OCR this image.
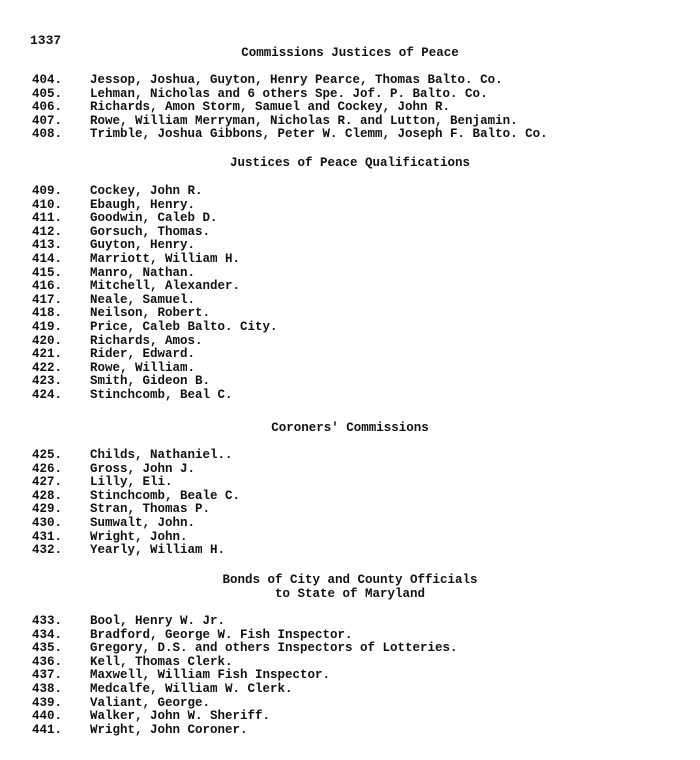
1337
Commissions Justices of Peace
404.	Jessop, Joshua, Guyton, Henry Pearce, Thomas Balto. Co.
405.	Lehman, Nicholas and 6 others Spe. Jof. P. Balto. Co.
406.	Richards, Amon Storm, Samuel and Cockey, John R.
407.	Rowe, William Merryman, Nicholas R. and Lutton, Benjamin.
408.	Trimble, Joshua Gibbons, Peter W. Clemm, Joseph F. Balto. Co.
Justices of Peace Qualifications
409.	Cockey, John R.
410.	Ebaugh, Henry.
411.	Goodwin, Caleb D.
412.	Gorsuch, Thomas.
413.	Guyton, Henry.
414.	Marriott, William H.
415.	Manro, Nathan.
416.	Mitchell, Alexander.
417.	Neale, Samuel.
418.	Neilson, Robert.
419.	Price, Caleb Balto. City.
420.	Richards, Amos.
421.	Rider, Edward.
422.	Rowe, William.
423.	Smith, Gideon B.
424.	Stinchcomb, Beal C.
Coroners' Commissions
425.	Childs, Nathaniel..
426.	Gross, John J.
427.	Lilly, Eli.
428.	Stinchcomb, Beale C.
429.	Stran, Thomas P.
430.	Sumwalt, John.
431.	Wright, John.
432.	Yearly, William H.
Bonds of City and County Officials
to State of Maryland
433.	Bool, Henry W. Jr.
434.	Bradford, George W. Fish Inspector.
435.	Gregory, D.S. and others Inspectors of Lotteries.
436.	Kell, Thomas Clerk.
437.	Maxwell, William Fish Inspector.
438.	Medcalfe, William W. Clerk.
439.	Valiant, George.
440.	Walker, John W. Sheriff.
441.	Wright, John Coroner.
